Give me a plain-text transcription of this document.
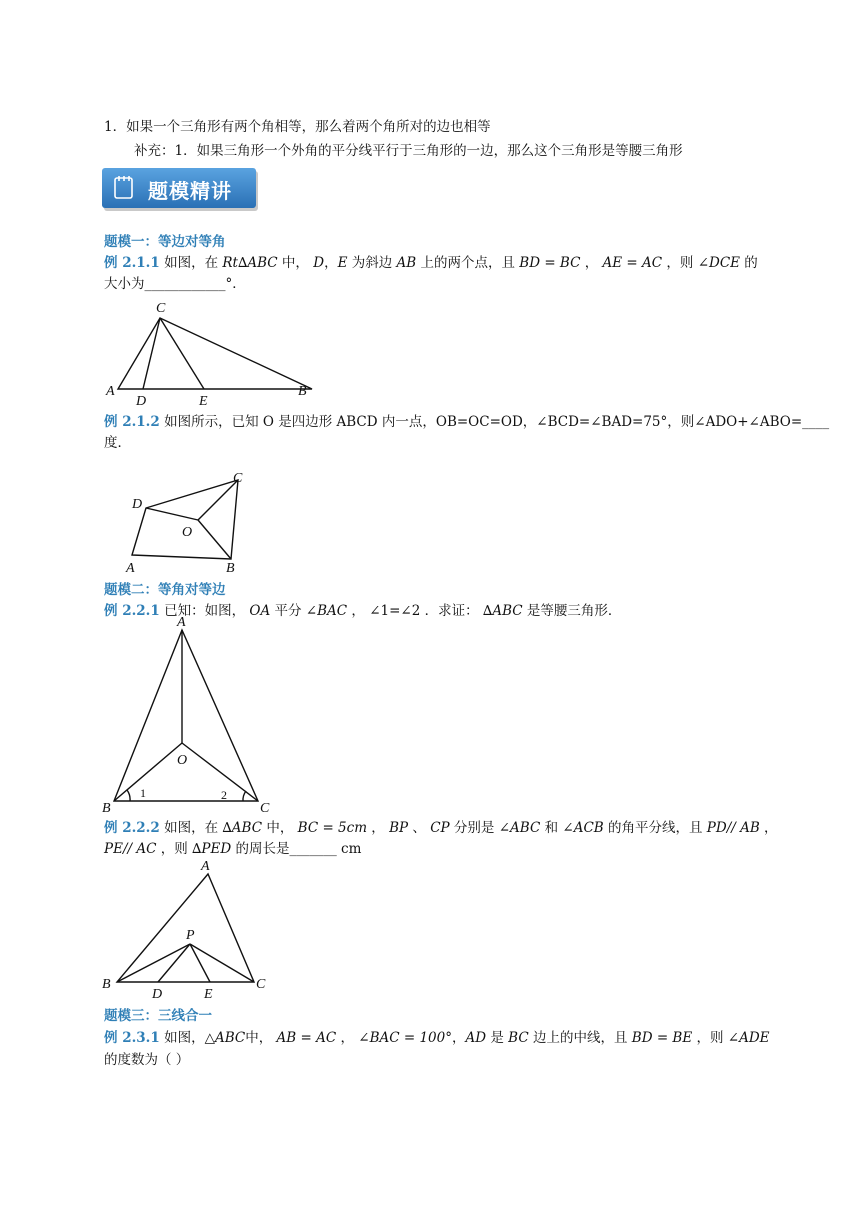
1．如果一个三角形有两个角相等，那么着两个角所对的边也相等
补充：1．如果三角形一个外角的平分线平行于三角形的一边，那么这个三角形是等腰三角形
题模精讲
题模一：等边对等角
例 2.1.1 如图，在 Rt∆ABC 中， D，E 为斜边 AB 上的两个点，且 BD = BC ， AE = AC ，则 ∠DCE 的
大小为____________°．
C
A
D	E
B
例 2.1.2 如图所示，已知 O 是四边形 ABCD 内一点，OB=OC=OD，∠BCD=∠BAD=75°，则∠ADO+∠ABO=____
度．
D
C
O
A	B
题模二：等角对等边
例 2.2.1 已知：如图， OA 平分 ∠BAC ， ∠1=∠2 ．求证： ∆ABC 是等腰三角形．
A
O
B	C
1	2
例 2.2.2 如图，在 ∆ABC 中， BC = 5cm ， BP 、 CP 分别是 ∠ABC 和 ∠ACB 的角平分线，且 PD// AB ，
PE// AC ，则 ∆PED 的周长是_______ cm
A
P
B	C
D	E
题模三：三线合一
例 2.3.1 如图，△ABC中， AB = AC ， ∠BAC = 100°，AD 是 BC 边上的中线，且 BD = BE ，则 ∠ADE
的度数为（ ）
